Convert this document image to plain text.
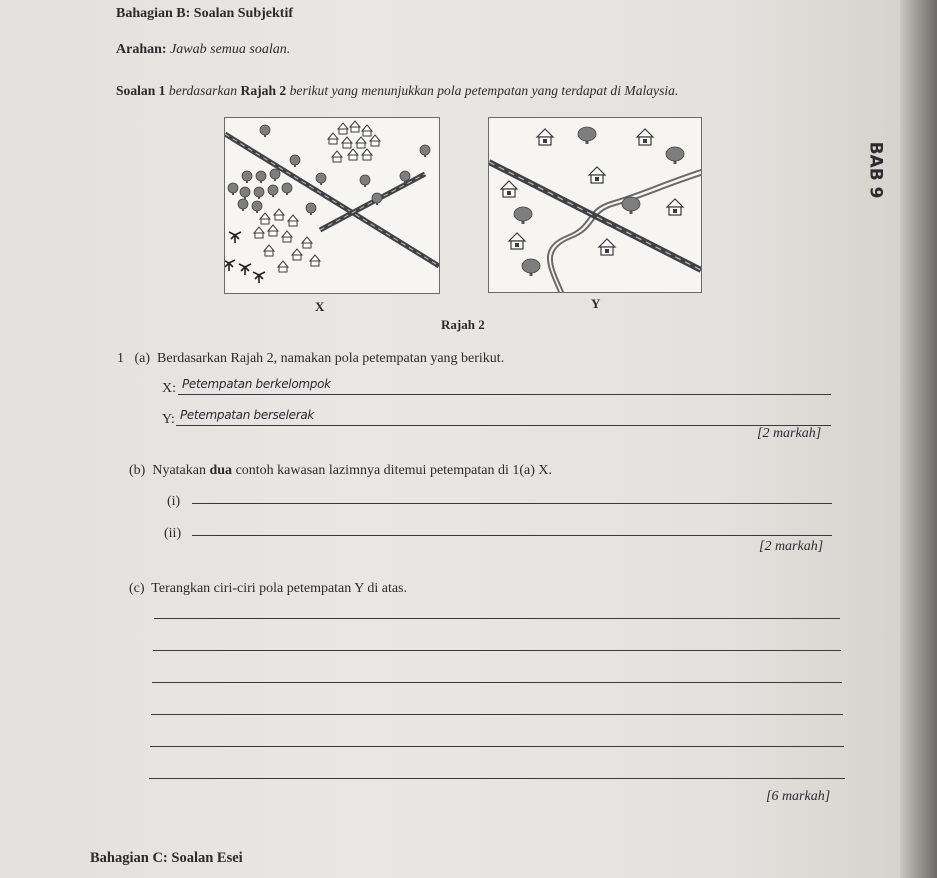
Bahagian B: Soalan Subjektif
Arahan: Jawab semua soalan.
Soalan 1 berdasarkan Rajah 2 berikut yang menunjukkan pola petempatan yang terdapat di Malaysia.
BAB 9
X	Y
Rajah 2
1 (a) Berdasarkan Rajah 2, namakan pola petempatan yang berikut.
X: Petempatan berkelompok
Y: Petempatan berselerak
[2 markah]
(b) Nyatakan dua contoh kawasan lazimnya ditemui petempatan di 1(a) X.
(i)
(ii)
[2 markah]
(c) Terangkan ciri-ciri pola petempatan Y di atas.
[6 markah]
Bahagian C: Soalan Esei
